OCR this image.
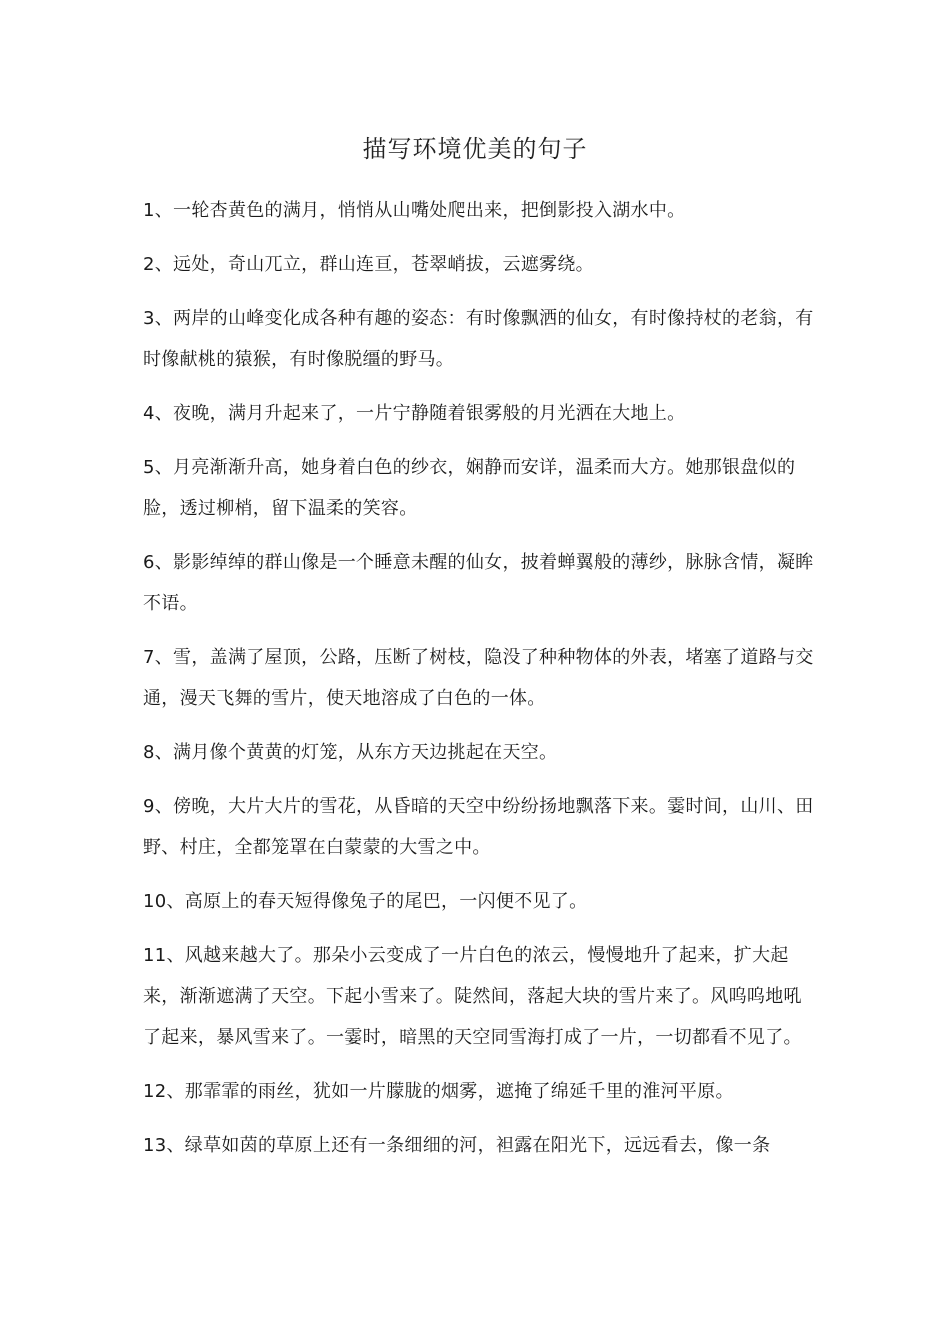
描写环境优美的句子
1、一轮杏黄色的满月，悄悄从山嘴处爬出来，把倒影投入湖水中。
2、远处，奇山兀立，群山连亘，苍翠峭拔，云遮雾绕。
3、两岸的山峰变化成各种有趣的姿态：有时像飘洒的仙女，有时像持杖的老翁，有时像献桃的猿猴，有时像脱缰的野马。
4、夜晚，满月升起来了，一片宁静随着银雾般的月光洒在大地上。
5、月亮渐渐升高，她身着白色的纱衣，娴静而安详，温柔而大方。她那银盘似的脸，透过柳梢，留下温柔的笑容。
6、影影绰绰的群山像是一个睡意未醒的仙女，披着蝉翼般的薄纱，脉脉含情，凝眸不语。
7、雪，盖满了屋顶，公路，压断了树枝，隐没了种种物体的外表，堵塞了道路与交通，漫天飞舞的雪片，使天地溶成了白色的一体。
8、满月像个黄黄的灯笼，从东方天边挑起在天空。
9、傍晚，大片大片的雪花，从昏暗的天空中纷纷扬地飘落下来。霎时间，山川、田野、村庄，全都笼罩在白蒙蒙的大雪之中。
10、高原上的春天短得像兔子的尾巴，一闪便不见了。
11、风越来越大了。那朵小云变成了一片白色的浓云，慢慢地升了起来，扩大起来，渐渐遮满了天空。下起小雪来了。陡然间，落起大块的雪片来了。风呜呜地吼了起来，暴风雪来了。一霎时，暗黑的天空同雪海打成了一片，一切都看不见了。
12、那霏霏的雨丝，犹如一片朦胧的烟雾，遮掩了绵延千里的淮河平原。
13、绿草如茵的草原上还有一条细细的河，袒露在阳光下，远远看去，像一条
